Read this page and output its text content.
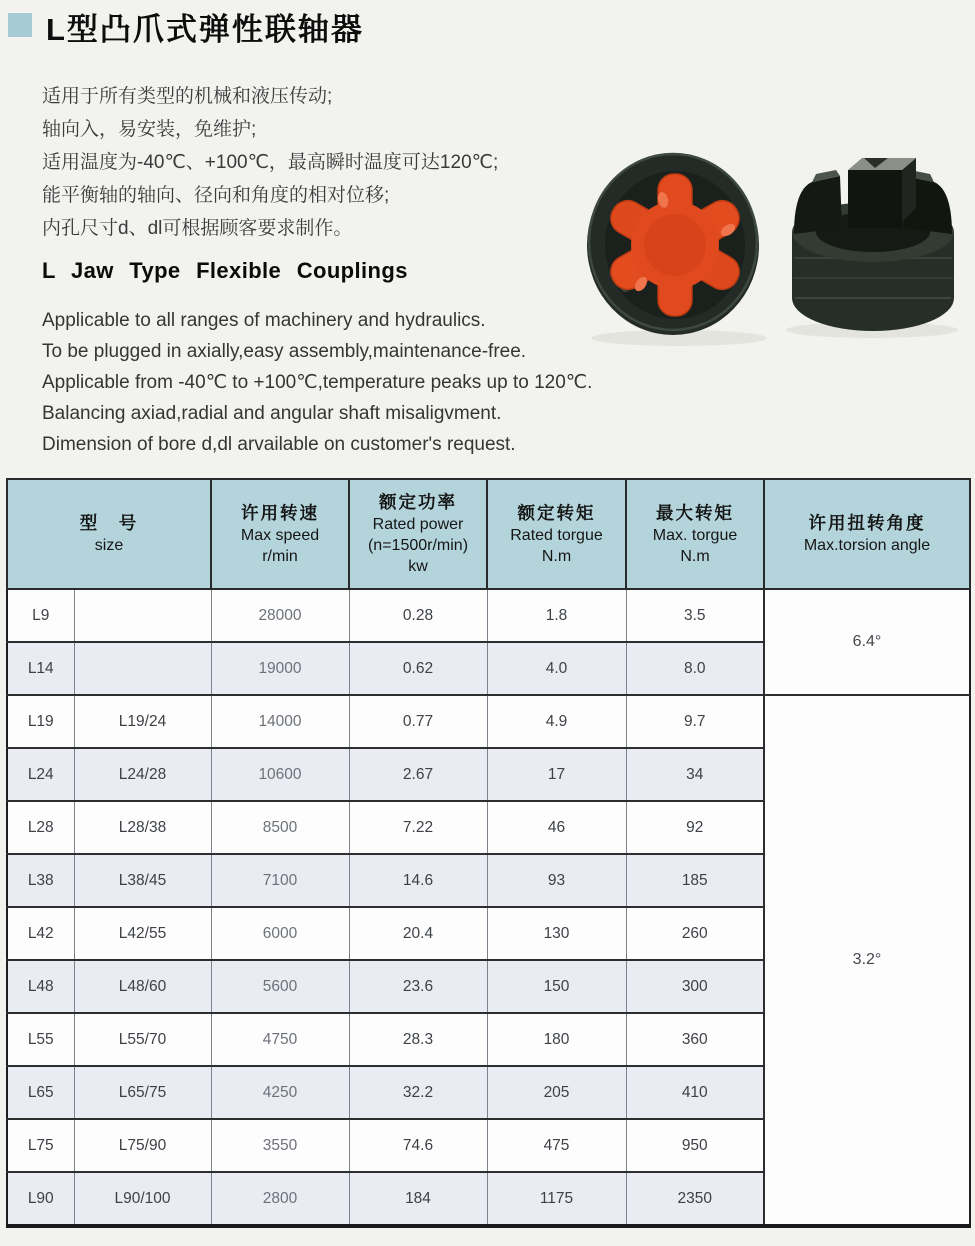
L型凸爪式弹性联轴器
适用于所有类型的机械和液压传动;
轴向入，易安装，免维护;
适用温度为-40℃、+100℃，最高瞬时温度可达120℃;
能平衡轴的轴向、径向和角度的相对位移;
内孔尺寸d、dl可根据顾客要求制作。
L Jaw Type Flexible Couplings
Applicable to all ranges of machinery and hydraulics.
To be plugged in axially,easy assembly,maintenance-free.
Applicable from -40℃ to +100℃,temperature peaks up to 120℃.
Balancing axiad,radial and angular shaft misaligvment.
Dimension of bore d,dl arvailable on customer's request.
型　号
size

许用转速
Max speed
r/min

额定功率
Rated power
(n=1500r/min)
kw

额定转矩
Rated torgue
N.m

最大转矩
Max. torgue
N.m

许用扭转角度
Max.torsion angle

L9		28000	0.28	1.8	3.5	6.4°
L14		19000	0.62	4.0	8.0	
L19	L19/24	14000	0.77	4.9	9.7	3.2°
L24	L24/28	10600	2.67	17	34	
L28	L28/38	8500	7.22	46	92	
L38	L38/45	7100	14.6	93	185	
L42	L42/55	6000	20.4	130	260	
L48	L48/60	5600	23.6	150	300	
L55	L55/70	4750	28.3	180	360	
L65	L65/75	4250	32.2	205	410	
L75	L75/90	3550	74.6	475	950	
L90	L90/100	2800	184	1175	2350	
